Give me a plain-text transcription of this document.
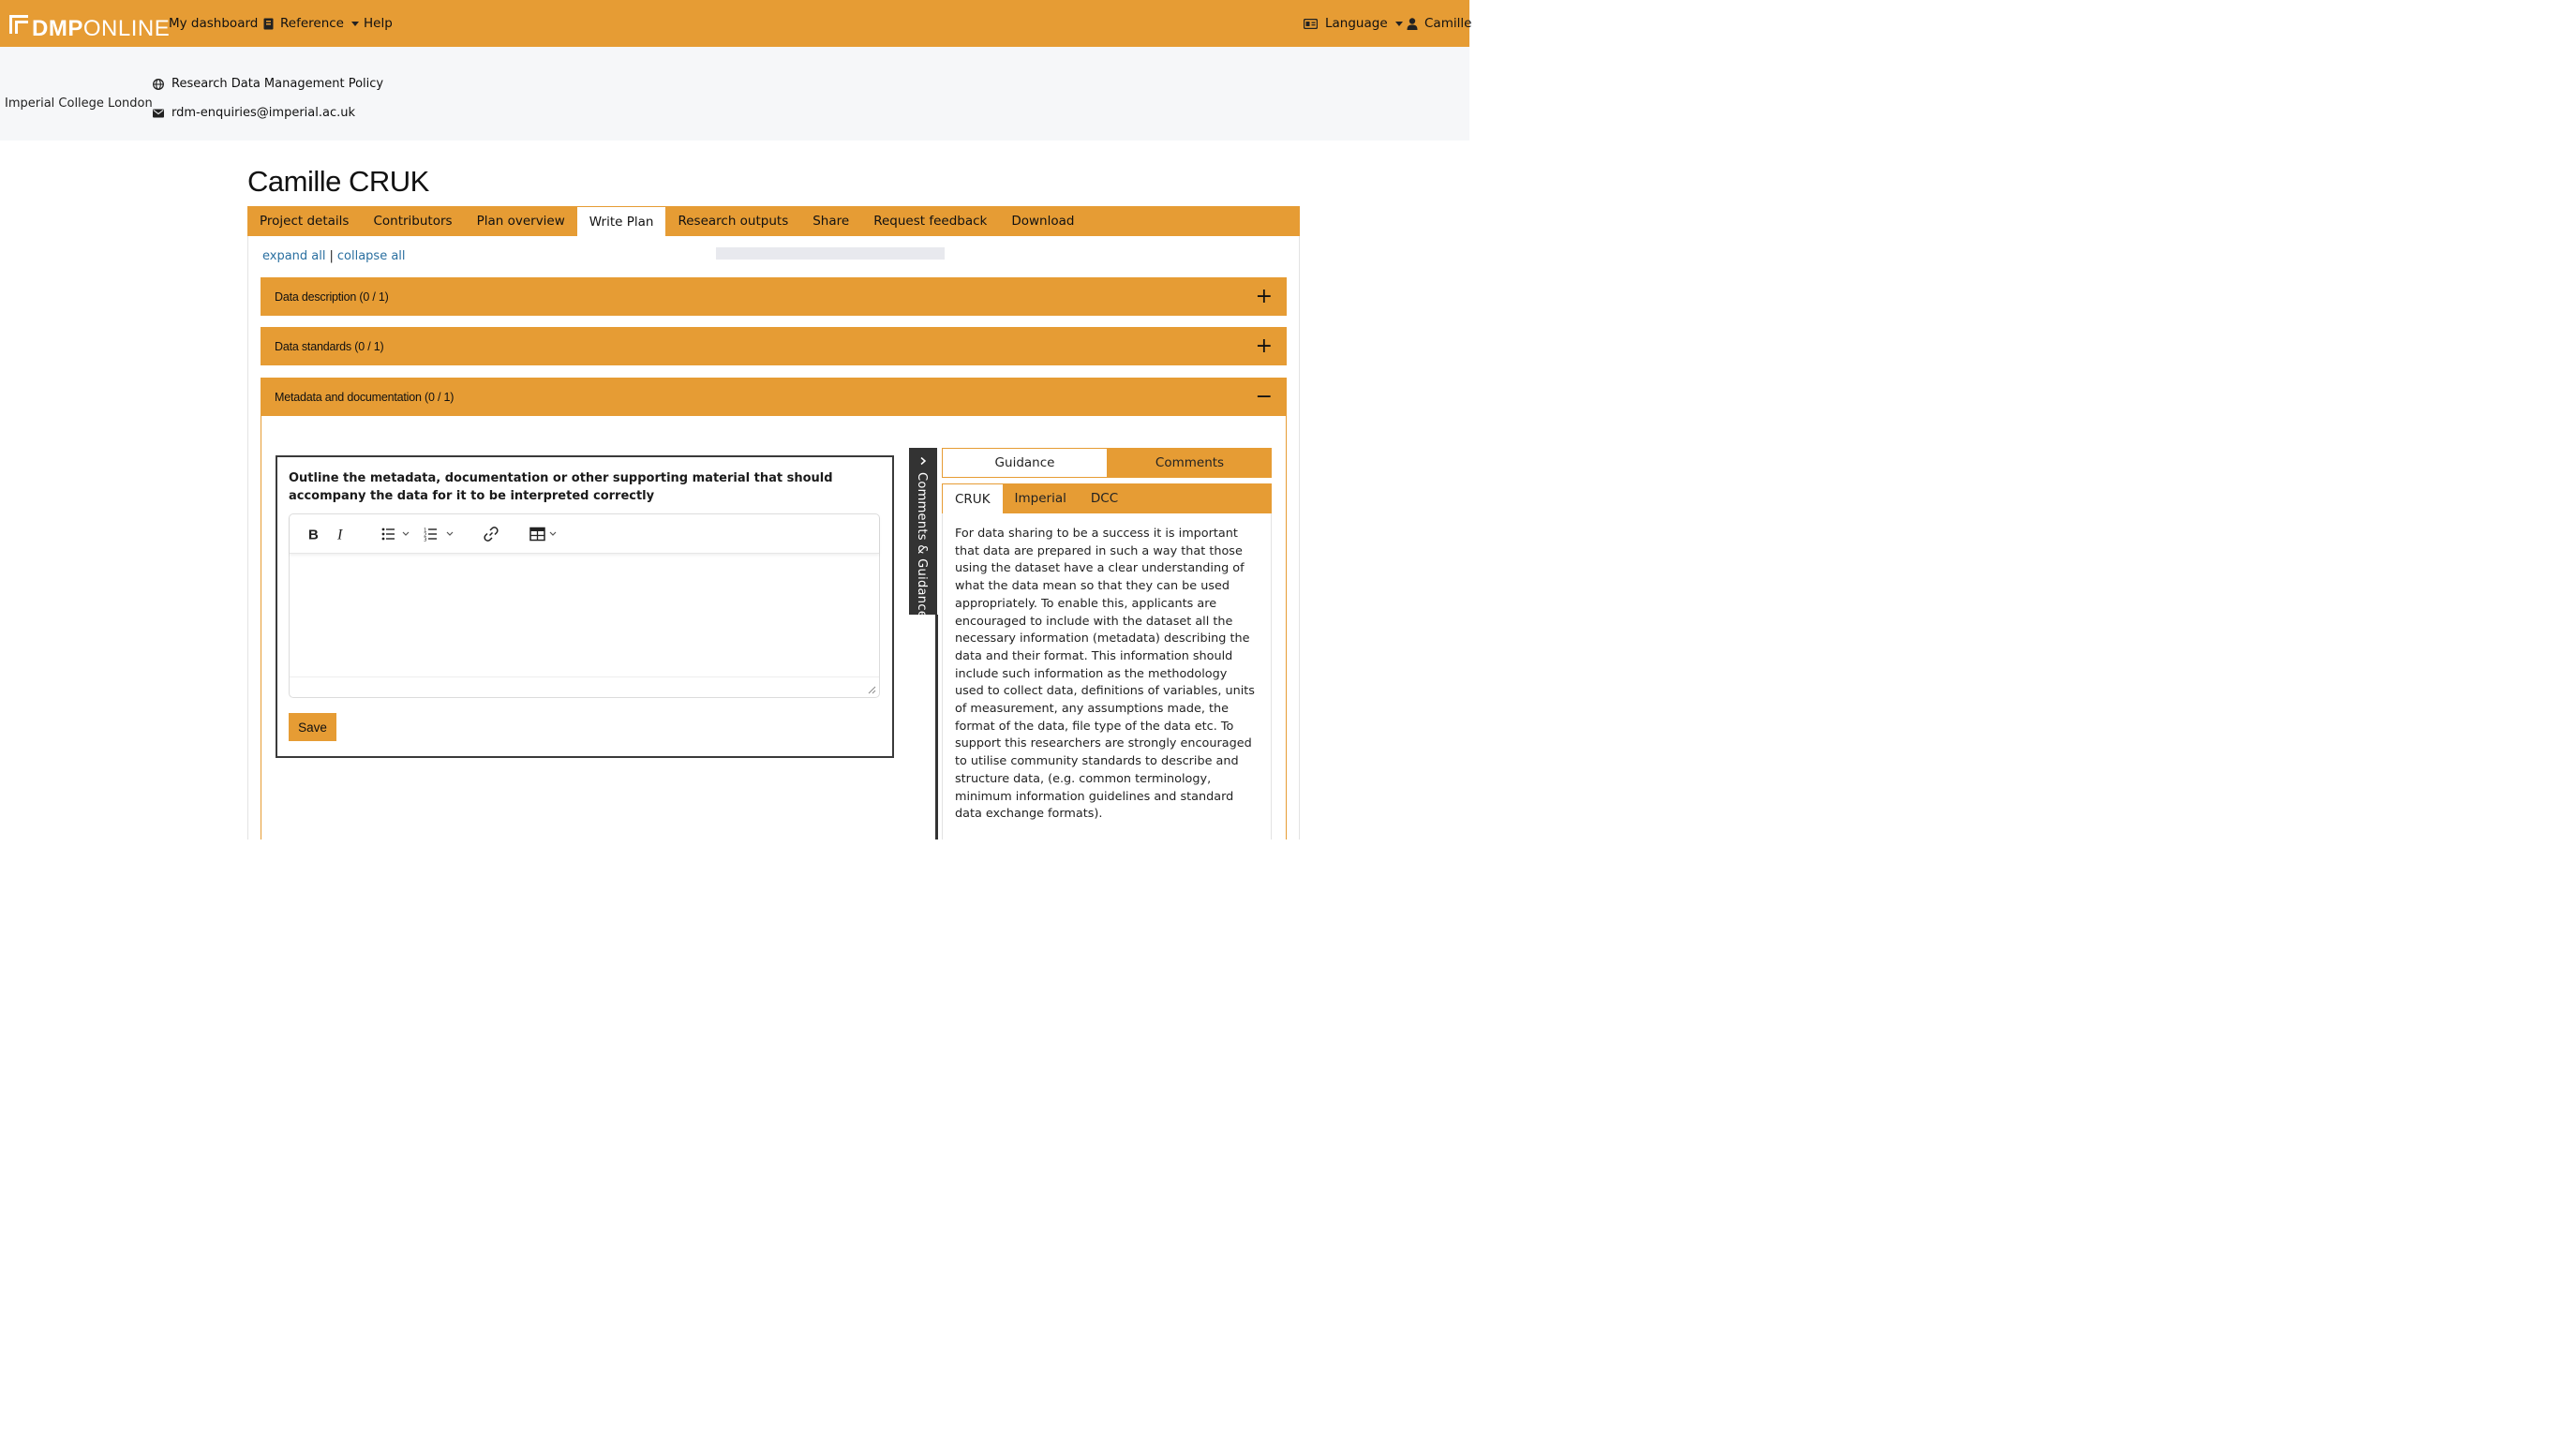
DMPONLINE
My dashboard Reference Help	Language	Camille
Imperial College London
Research Data Management Policy
rdm-enquiries@imperial.ac.uk
Camille CRUK
Project details	Contributors	Plan overview	Write Plan	Research outputs	Share	Request feedback	Download
expand all | collapse all
Data description (0 / 1)	+
Data standards (0 / 1)	+
Metadata and documentation (0 / 1)	−
Outline the metadata, documentation or other supporting material that should accompany the data for it to be interpreted correctly
B I	1
2
3
Save
Comments & Guidance
Guidance	Comments
CRUK	Imperial	DCC
For data sharing to be a success it is important that data are prepared in such a way that those using the dataset have a clear understanding of what the data mean so that they can be used appropriately. To enable this, applicants are encouraged to include with the dataset all the necessary information (metadata) describing the data and their format. This information should include such information as the methodology used to collect data, definitions of variables, units of measurement, any assumptions made, the format of the data, file type of the data etc. To support this researchers are strongly encouraged to utilise community standards to describe and structure data, (e.g. common terminology, minimum information guidelines and standard data exchange formats).
